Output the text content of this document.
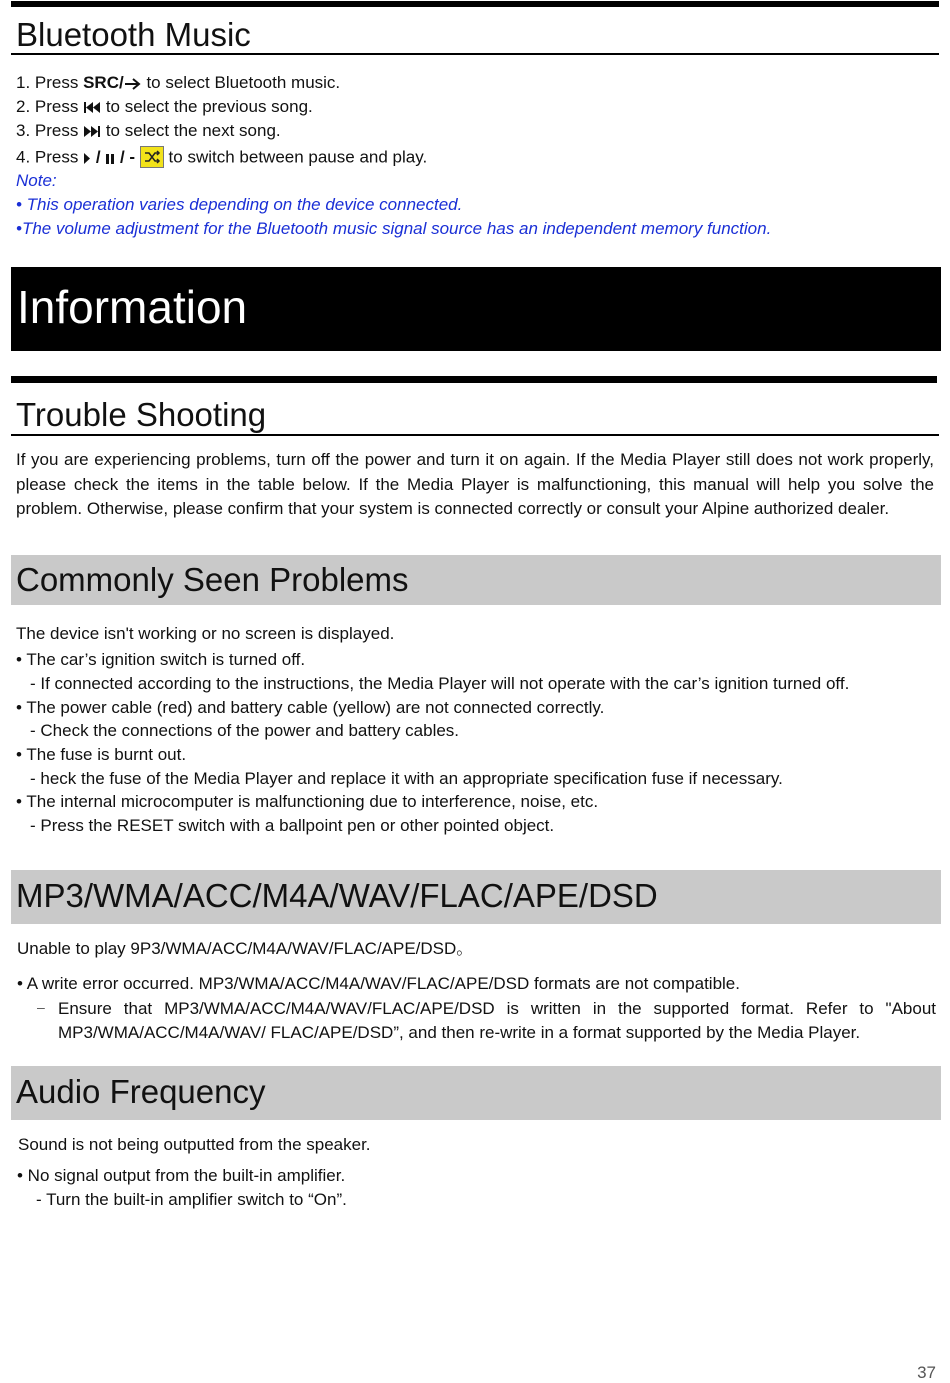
Bluetooth Music
1. Press SRC/ to select Bluetooth music.
2. Press  to select the previous song.
3. Press  to select the next song.
4. Press  /  / -
to switch between pause and play.
Note:
• This operation varies depending on the device connected.
•The volume adjustment for the Bluetooth music signal source has an independent memory function.
Information
Trouble Shooting
If you are experiencing problems, turn off the power and turn it on again. If the Media Player still does not work properly, please check the items in the table below. If the Media Player is malfunctioning, this manual will help you solve the problem. Otherwise, please confirm that your system is connected correctly or consult your Alpine authorized dealer.
Commonly Seen Problems
The device isn't working or no screen is displayed.
• The car’s ignition switch is turned off.
- If connected according to the instructions, the Media Player will not operate with the car’s ignition turned off.
• The power cable (red) and battery cable (yellow) are not connected correctly.
- Check the connections of the power and battery cables.
• The fuse is burnt out.
- heck the fuse of the Media Player and replace it with an appropriate specification fuse if necessary.
• The internal microcomputer is malfunctioning due to interference, noise, etc.
- Press the RESET switch with a ballpoint pen or other pointed object.
MP3/WMA/ACC/M4A/WAV/FLAC/APE/DSD
Unable to play 9P3/WMA/ACC/M4A/WAV/FLAC/APE/DSD。
• A write error occurred. MP3/WMA/ACC/M4A/WAV/FLAC/APE/DSD formats are not compatible.
– Ensure that MP3/WMA/ACC/M4A/WAV/FLAC/APE/DSD is written in the supported format. Refer to "About MP3/WMA/ACC/M4A/WAV/ FLAC/APE/DSD”, and then re-write in a format supported by the Media Player.
Audio Frequency
Sound is not being outputted from the speaker.
• No signal output from the built-in amplifier.
- Turn the built-in amplifier switch to “On”.
37
